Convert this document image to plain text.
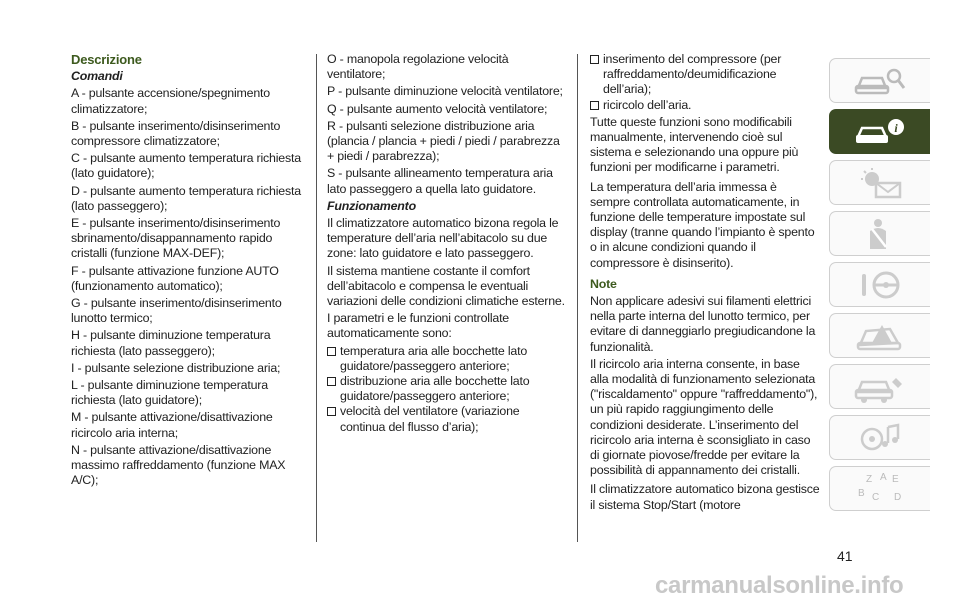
Descrizione
Comandi

A - pulsante accensione/spegnimento climatizzatore;

B - pulsante inserimento/disinserimento compressore climatizzatore;

C - pulsante aumento temperatura richiesta (lato guidatore);

D - pulsante aumento temperatura richiesta (lato passeggero);

E - pulsante inserimento/disinserimento sbrinamento/disappannamento rapido cristalli (funzione MAX-DEF);

F - pulsante attivazione funzione AUTO (funzionamento automatico);

G - pulsante inserimento/disinserimento lunotto termico;

H - pulsante diminuzione temperatura richiesta (lato passeggero);

I - pulsante selezione distribuzione aria;

L - pulsante diminuzione temperatura richiesta (lato guidatore);

M - pulsante attivazione/disattivazione ricircolo aria interna;

N - pulsante attivazione/disattivazione massimo raffreddamento (funzione MAX A/C);

O - manopola regolazione velocità ventilatore;

P - pulsante diminuzione velocità ventilatore;

Q - pulsante aumento velocità ventilatore;

R - pulsanti selezione distribuzione aria (plancia / plancia + piedi / piedi / parabrezza + piedi / parabrezza);

S - pulsante allineamento temperatura aria lato passeggero a quella lato guidatore.

Funzionamento

Il climatizzatore automatico bizona regola le temperature dell’aria nell’abitacolo su due zone: lato guidatore e lato passeggero.

Il sistema mantiene costante il comfort dell’abitacolo e compensa le eventuali variazioni delle condizioni climatiche esterne.

I parametri e le funzioni controllate automaticamente sono:

temperatura aria alle bocchette lato guidatore/passeggero anteriore;
distribuzione aria alle bocchette lato guidatore/passeggero anteriore;
velocità del ventilatore (variazione continua del flusso d’aria);
inserimento del compressore (per raffreddamento/deumidificazione dell’aria);
ricircolo dell’aria.

Tutte queste funzioni sono modificabili manualmente, intervenendo cioè sul sistema e selezionando una oppure più funzioni per modificarne i parametri.

La temperatura dell’aria immessa è sempre controllata automaticamente, in funzione delle temperature impostate sul display (tranne quando l’impianto è spento o in alcune condizioni quando il compressore è disinserito).

Note

Non applicare adesivi sui filamenti elettrici nella parte interna del lunotto termico, per evitare di danneggiarlo pregiudicandone la funzionalità.

Il ricircolo aria interna consente, in base alla modalità di funzionamento selezionata ("riscaldamento" oppure "raffreddamento"), un più rapido raggiungimento delle condizioni desiderate. L’inserimento del ricircolo aria interna è sconsigliato in caso di giornate piovose/fredde per evitare la possibilità di appannamento dei cristalli.

Il climatizzatore automatico bizona gestisce il sistema Stop/Start (motore

i
Z A E
B C D
41
carmanualsonline.info
